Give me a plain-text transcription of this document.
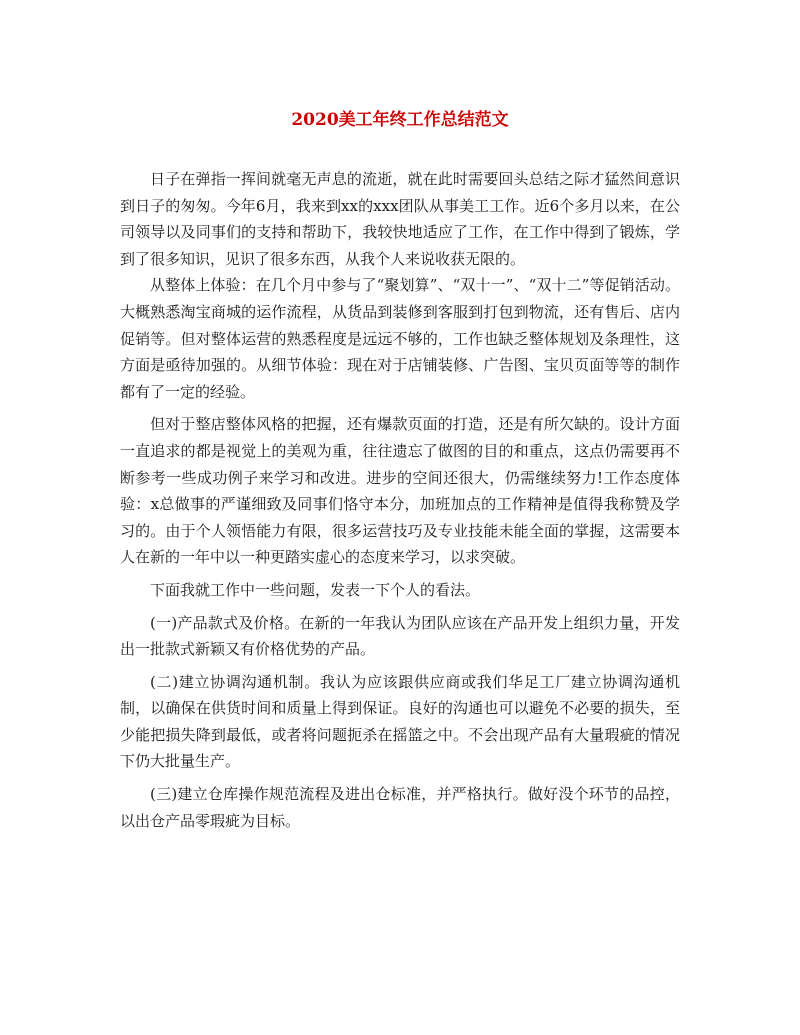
2020美工年终工作总结范文

日子在弹指一挥间就毫无声息的流逝，就在此时需要回头总结之际才猛然间意识到日子的匆匆。今年6月，我来到xx的xxx团队从事美工工作。近6个多月以来，在公司领导以及同事们的支持和帮助下，我较快地适应了工作，在工作中得到了锻炼，学到了很多知识，见识了很多东西，从我个人来说收获无限的。

从整体上体验：在几个月中参与了“聚划算”、“双十一”、“双十二”等促销活动。大概熟悉淘宝商城的运作流程，从货品到装修到客服到打包到物流，还有售后、店内促销等。但对整体运营的熟悉程度是远远不够的，工作也缺乏整体规划及条理性，这方面是亟待加强的。从细节体验：现在对于店铺装修、广告图、宝贝页面等等的制作都有了一定的经验。

但对于整店整体风格的把握，还有爆款页面的打造，还是有所欠缺的。设计方面一直追求的都是视觉上的美观为重，往往遗忘了做图的目的和重点，这点仍需要再不断参考一些成功例子来学习和改进。进步的空间还很大，仍需继续努力!工作态度体验：x总做事的严谨细致及同事们恪守本分，加班加点的工作精神是值得我称赞及学习的。由于个人领悟能力有限，很多运营技巧及专业技能未能全面的掌握，这需要本人在新的一年中以一种更踏实虚心的态度来学习，以求突破。

下面我就工作中一些问题，发表一下个人的看法。

(一)产品款式及价格。在新的一年我认为团队应该在产品开发上组织力量，开发出一批款式新颖又有价格优势的产品。

(二)建立协调沟通机制。我认为应该跟供应商或我们华足工厂建立协调沟通机制，以确保在供货时间和质量上得到保证。良好的沟通也可以避免不必要的损失，至少能把损失降到最低，或者将问题扼杀在摇篮之中。不会出现产品有大量瑕疵的情况下仍大批量生产。

(三)建立仓库操作规范流程及进出仓标准，并严格执行。做好没个环节的品控，以出仓产品零瑕疵为目标。
